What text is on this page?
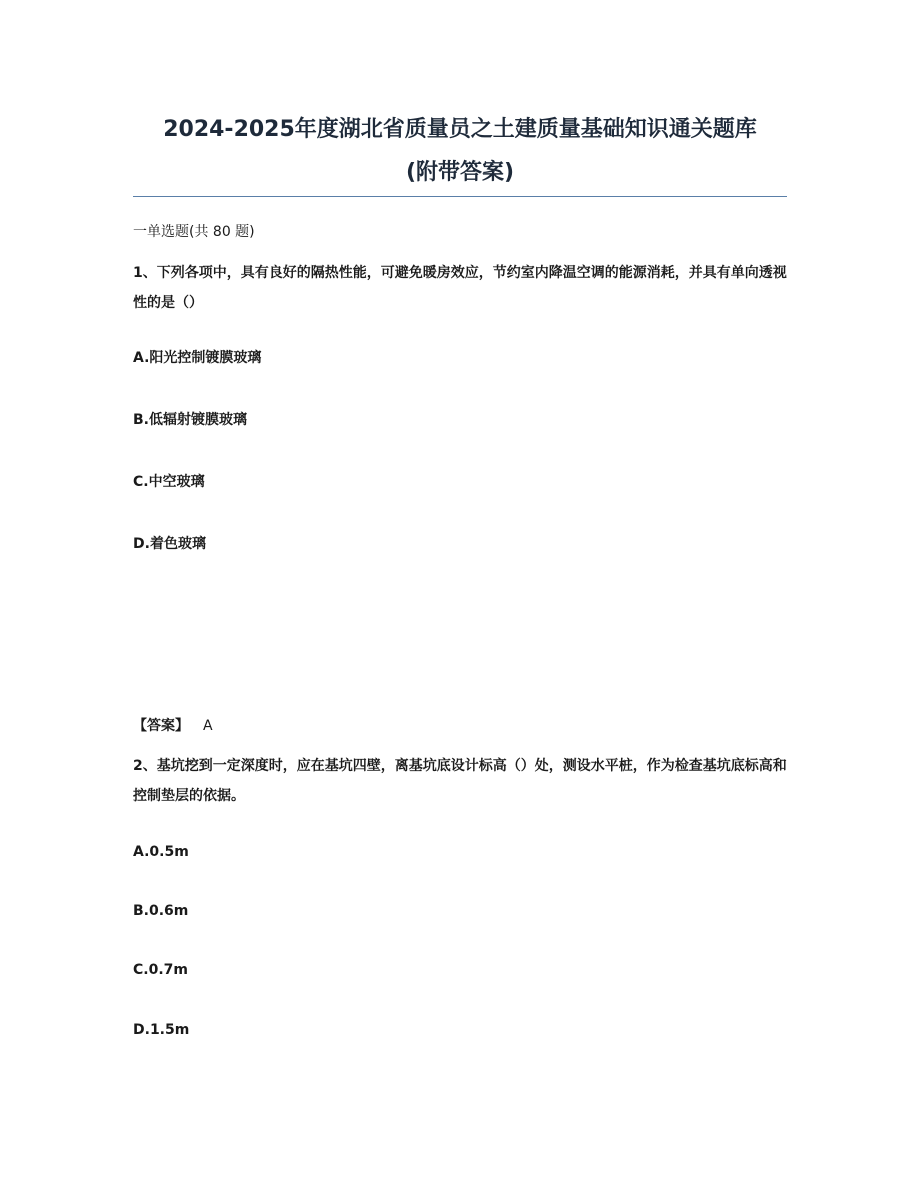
2024-2025年度湖北省质量员之土建质量基础知识通关题库
(附带答案)

一单选题(共 80 题)

1、下列各项中，具有良好的隔热性能，可避免暖房效应，节约室内降温空调的能源消耗，并具有单向透视性的是（）

A.阳光控制镀膜玻璃

B.低辐射镀膜玻璃

C.中空玻璃

D.着色玻璃

【答案】 A

2、基坑挖到一定深度时，应在基坑四壁，离基坑底设计标高（）处，测设水平桩，作为检查基坑底标高和控制垫层的依据。

A.0.5m

B.0.6m

C.0.7m

D.1.5m
